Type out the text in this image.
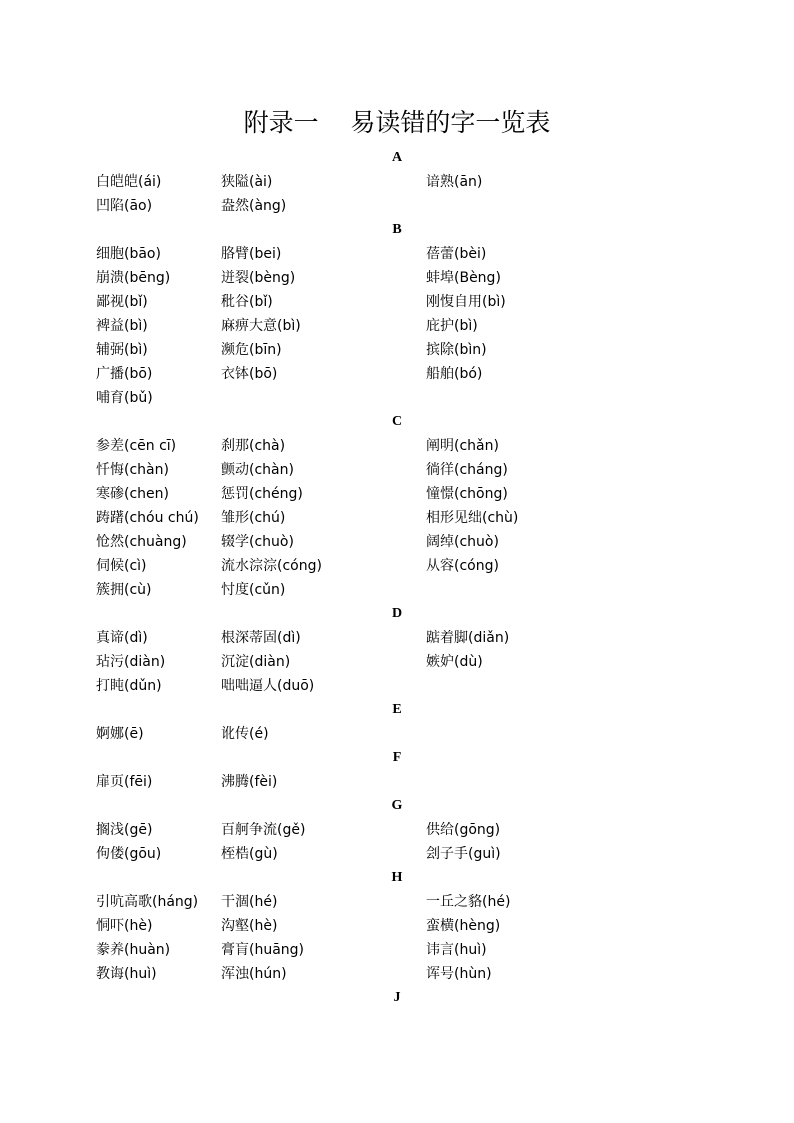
附录一    易读错的字一览表
A
白皑皑(ái)	狭隘(ài)	谙熟(ān)
凹陷(āo)	盎然(àng)
B
细胞(bāo)	胳臂(bei)	蓓蕾(bèi)
崩溃(bēng)	迸裂(bèng)	蚌埠(Bèng)
鄙视(bǐ)	秕谷(bǐ)	刚愎自用(bì)
裨益(bì)	麻痹大意(bì)	庇护(bì)
辅弼(bì)	濒危(bīn)	摈除(bìn)
广播(bō)	衣钵(bō)	船舶(bó)
哺育(bǔ)
C
参差(cēn cī)	刹那(chà)	阐明(chǎn)
忏悔(chàn)	颤动(chàn)	徜徉(cháng)
寒碜(chen)	惩罚(chéng)	憧憬(chōng)
踌躇(chóu chú) 雏形(chú)	相形见绌(chù)
怆然(chuàng) 辍学(chuò)	阔绰(chuò)
伺候(cì)	流水淙淙(cóng)	从容(cóng)
簇拥(cù)	忖度(cǔn)
D
真谛(dì)	根深蒂固(dì)	踮着脚(diǎn)
玷污(diàn)	沉淀(diàn)	嫉妒(dù)
打盹(dǔn)	咄咄逼人(duō)
E
婀娜(ē)	讹传(é)
F
扉页(fēi)	沸腾(fèi)
G
搁浅(gē)	百舸争流(gě)	供给(gōng)
佝偻(gōu)	桎梏(gù)	刽子手(guì)
H
引吭高歌(háng) 干涸(hé)	一丘之貉(hé)
恫吓(hè)	沟壑(hè)	蛮横(hèng)
豢养(huàn)	膏肓(huāng)	讳言(huì)
教诲(huì)	浑浊(hún)	诨号(hùn)
J
